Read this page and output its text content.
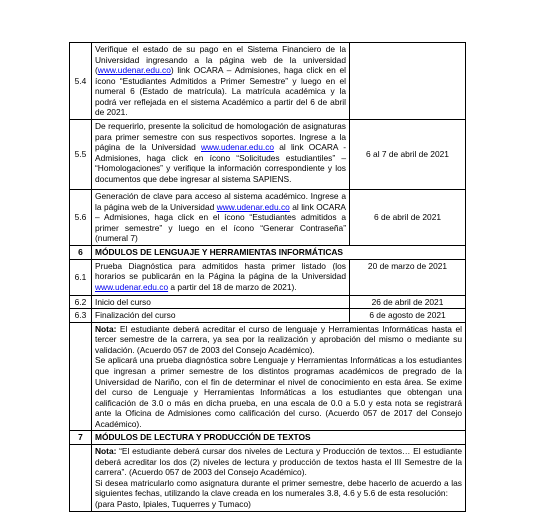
5.4	Verifique el estado de su pago en el Sistema Financiero de la Universidad ingresando a la página web de la universidad (www.udenar.edu.co) link OCARA – Admisiones, haga click en el ícono “Estudiantes Admitidos a Primer Semestre” y luego en el numeral 6 (Estado de matrícula). La matrícula académica y la podrá ver reflejada en el sistema Académico a partir del 6 de abril de 2021.	
5.5	De requerirlo, presente la solicitud de homologación de asignaturas para primer semestre con sus respectivos soportes. Ingrese a la página de la Universidad www.udenar.edu.co al link OCARA - Admisiones, haga click en ícono “Solicitudes estudiantiles” – “Homologaciones” y verifique la información correspondiente y los documentos que debe ingresar al sistema SAPIENS.	6 al 7 de abril de 2021
5.6	Generación de clave para acceso al sistema académico. Ingrese a la página web de la Universidad www.udenar.edu.co al link OCARA – Admisiones, haga click en el ícono “Estudiantes admitidos a primer semestre” y luego en el ícono “Generar Contraseña” (numeral 7)	6 de abril de 2021
6	MÓDULOS DE LENGUAJE Y HERRAMIENTAS INFORMÁTICAS	
6.1	Prueba Diagnóstica para admitidos hasta primer listado (los horarios se publicarán en la Página la página de la Universidad www.udenar.edu.co a partir del 18 de marzo de 2021).	20 de marzo de 2021
6.2	Inicio del curso	26 de abril de 2021
6.3	Finalización del curso	6 de agosto de 2021

	Nota: El estudiante deberá acreditar el curso de lenguaje y Herramientas Informáticas hasta el tercer semestre de la carrera, ya sea por la realización y aprobación del mismo o mediante su validación. (Acuerdo 057 de 2003 del Consejo Académico).
Se aplicará una prueba diagnóstica sobre Lenguaje y Herramientas Informáticas a los estudiantes que ingresan a primer semestre de los distintos programas académicos de pregrado de la Universidad de Nariño, con el fin de determinar el nivel de conocimiento en esta área. Se exime del curso de Lenguaje y Herramientas Informáticas a los estudiantes que obtengan una calificación de 3.0 o más en dicha prueba, en una escala de 0.0 a 5.0 y esta nota se registrará ante la Oficina de Admisiones como calificación del curso. (Acuerdo 057 de 2017 del Consejo Académico).	

7	MÓDULOS DE LECTURA Y PRODUCCIÓN DE TEXTOS	

	Nota: “El estudiante deberá cursar dos niveles de Lectura y Producción de textos… El estudiante deberá acreditar los dos (2) niveles de lectura y producción de textos hasta el III Semestre de la carrera”. (Acuerdo 057 de 2003 del Consejo Académico).
Si desea matricularlo como asignatura durante el primer semestre, debe hacerlo de acuerdo a las siguientes fechas, utilizando la clave creada en los numerales 3.8, 4.6 y 5.6 de esta resolución:
(para Pasto, Ipiales, Tuquerres y Tumaco)	
